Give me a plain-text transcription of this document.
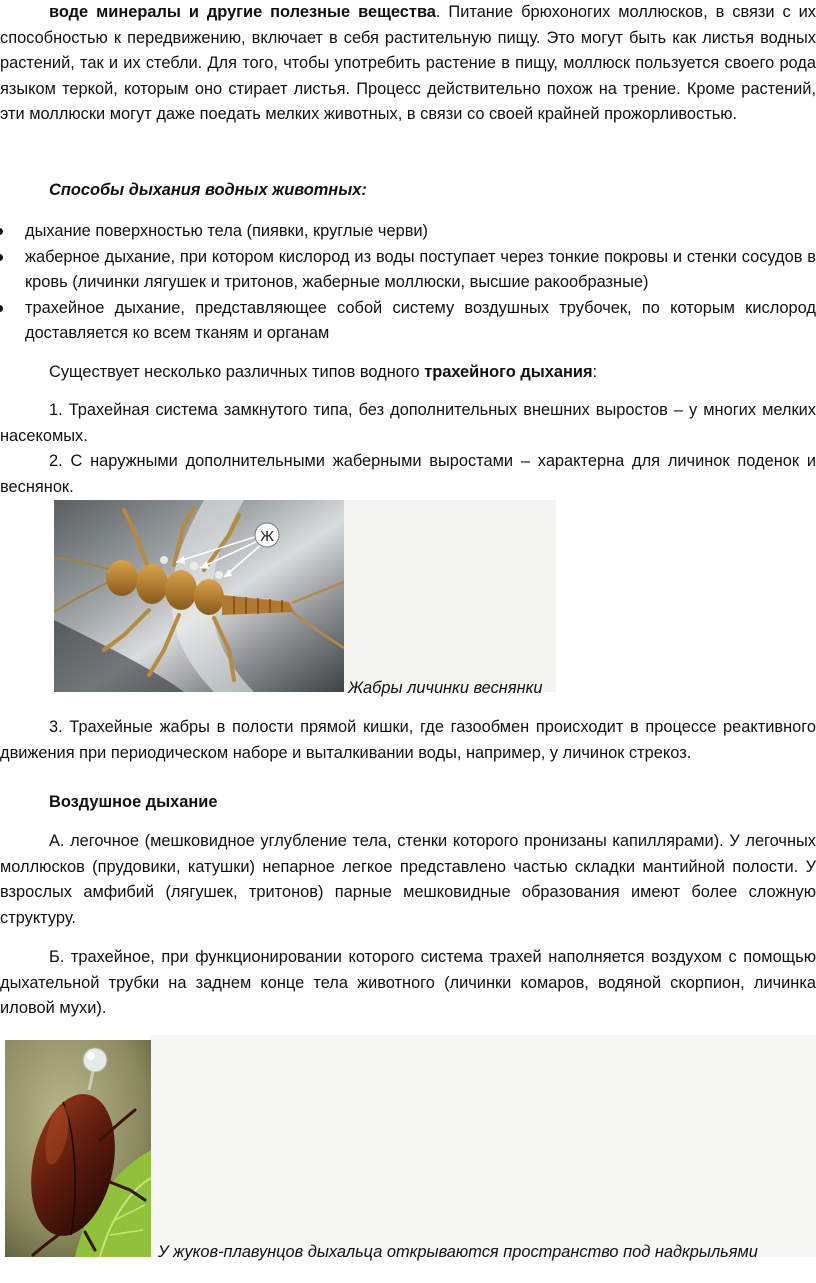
воде минералы и другие полезные вещества. Питание брюхоногих моллюсков, в связи с их способностью к передвижению, включает в себя растительную пищу. Это могут быть как листья водных растений, так и их стебли. Для того, чтобы употребить растение в пищу, моллюск пользуется своего рода языком теркой, которым оно стирает листья. Процесс действительно похож на трение. Кроме растений, эти моллюски могут даже поедать мелких животных, в связи со своей крайней прожорливостью.

Способы дыхания водных животных:

дыхание поверхностью тела (пиявки, круглые черви)
жаберное дыхание, при котором кислород из воды поступает через тонкие покровы и стенки сосудов в кровь (личинки лягушек и тритонов, жаберные моллюски, высшие ракообразные)
трахейное дыхание, представляющее собой систему воздушных трубочек, по которым кислород доставляется ко всем тканям и органам

Существует несколько различных типов водного трахейного дыхания:

1. Трахейная система замкнутого типа, без дополнительных внешних выростов – у многих мелких насекомых.
2. С наружными дополнительными жаберными выростами – характерна для личинок поденок и веснянок.
Ж
Жабры личинки веснянки
3. Трахейные жабры в полости прямой кишки, где газообмен происходит в процессе реактивного движения при периодическом наборе и выталкивании воды, например, у личинок стрекоз.

Воздушное дыхание

А. легочное (мешковидное углубление тела, стенки которого пронизаны капиллярами). У легочных моллюсков (прудовики, катушки) непарное легкое представлено частью складки мантийной полости. У взрослых амфибий (лягушек, тритонов) парные мешковидные образования имеют более сложную структуру.

Б. трахейное, при функционировании которого система трахей наполняется воздухом с помощью дыхательной трубки на заднем конце тела животного (личинки комаров, водяной скорпион, личинка иловой мухи).

У жуков-плавунцов дыхальца открываются пространство под надкрыльями
